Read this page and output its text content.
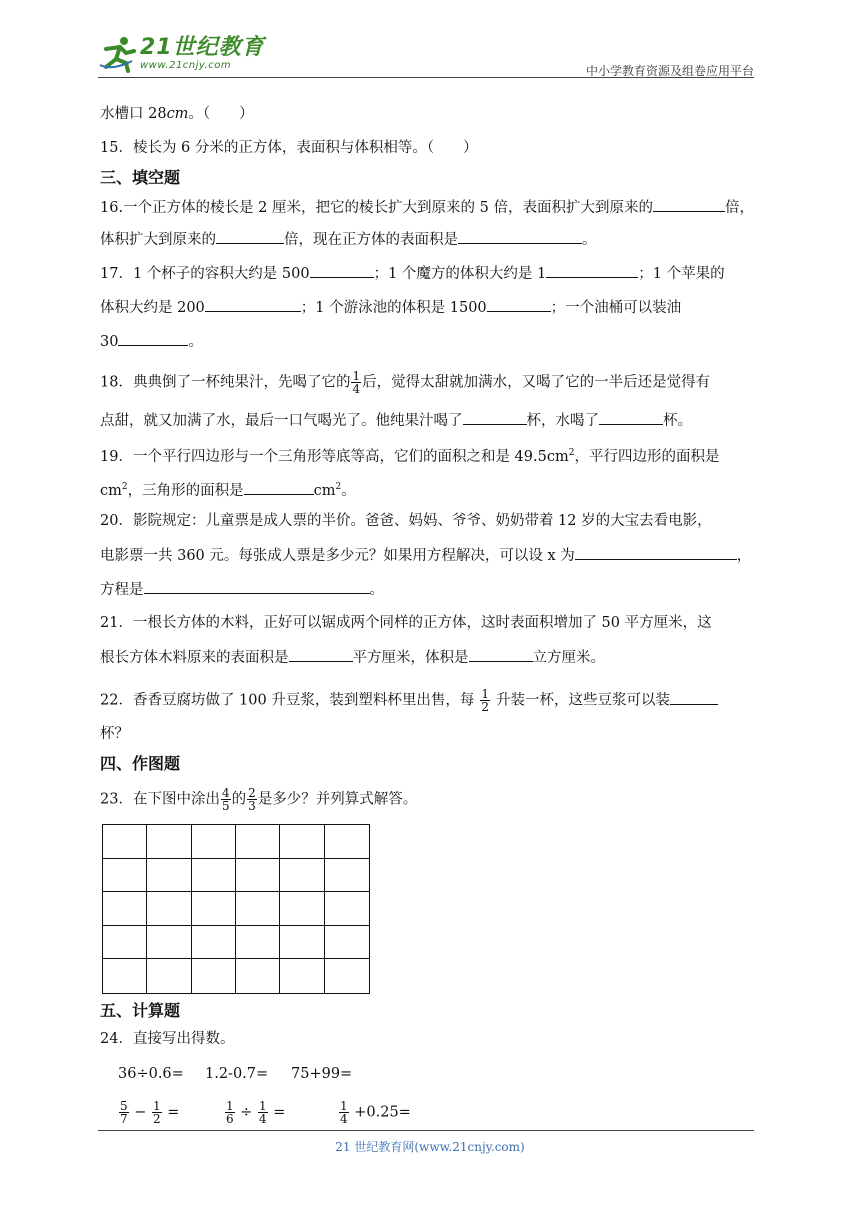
21世纪教育
www.21cnjy.com	中小学教育资源及组卷应用平台
水槽口 28cm。（　　）
15．棱长为 6 分米的正方体，表面积与体积相等。（　　）
三、填空题
16.一个正方体的棱长是 2 厘米，把它的棱长扩大到原来的 5 倍，表面积扩大到原来的	倍，
体积扩大到原来的	倍，现在正方体的表面积是	。
17．1 个杯子的容积大约是 500	；1 个魔方的体积大约是 1	；1 个苹果的
体积大约是 200	；1 个游泳池的体积是 1500	；一个油桶可以装油
30	。
18．典典倒了一杯纯果汁，先喝了它的 $\frac{1}{4}$ 后，觉得太甜就加满水，又喝了它的一半后还是觉得有
点甜，就又加满了水，最后一口气喝光了。他纯果汁喝了	杯，水喝了	杯。
19．一个平行四边形与一个三角形等底等高，它们的面积之和是 $49.5cm^2$，平行四边形的面积是
$cm^2$，三角形的面积是	$cm^2$。
20．影院规定：儿童票是成人票的半价。爸爸、妈妈、爷爷、奶奶带着 12 岁的大宝去看电影，
电影票一共 360 元。每张成人票是多少元？如果用方程解决，可以设 x 为	，
方程是	。
21．一根长方体的木料，正好可以锯成两个同样的正方体，这时表面积增加了 50 平方厘米，这
根长方体木料原来的表面积是	平方厘米，体积是	立方厘米。
22．香香豆腐坊做了 100 升豆浆，装到塑料杯里出售，每 $\frac{1}{2}$ 升装一杯，这些豆浆可以装
杯？
四、作图题
23．在下图中涂出 $\frac{4}{5}$ 的 $\frac{2}{3}$ 是多少？并列算式解答。
五、计算题
24．直接写出得数。
36÷0.6= 1.2-0.7= 75+99=
$\frac{5}{7} - \frac{1}{2}$ =	$\frac{1}{6} \div \frac{1}{4}$ =	$\frac{1}{4} +0.25=$
21 世纪教育网(www.21cnjy.com)
